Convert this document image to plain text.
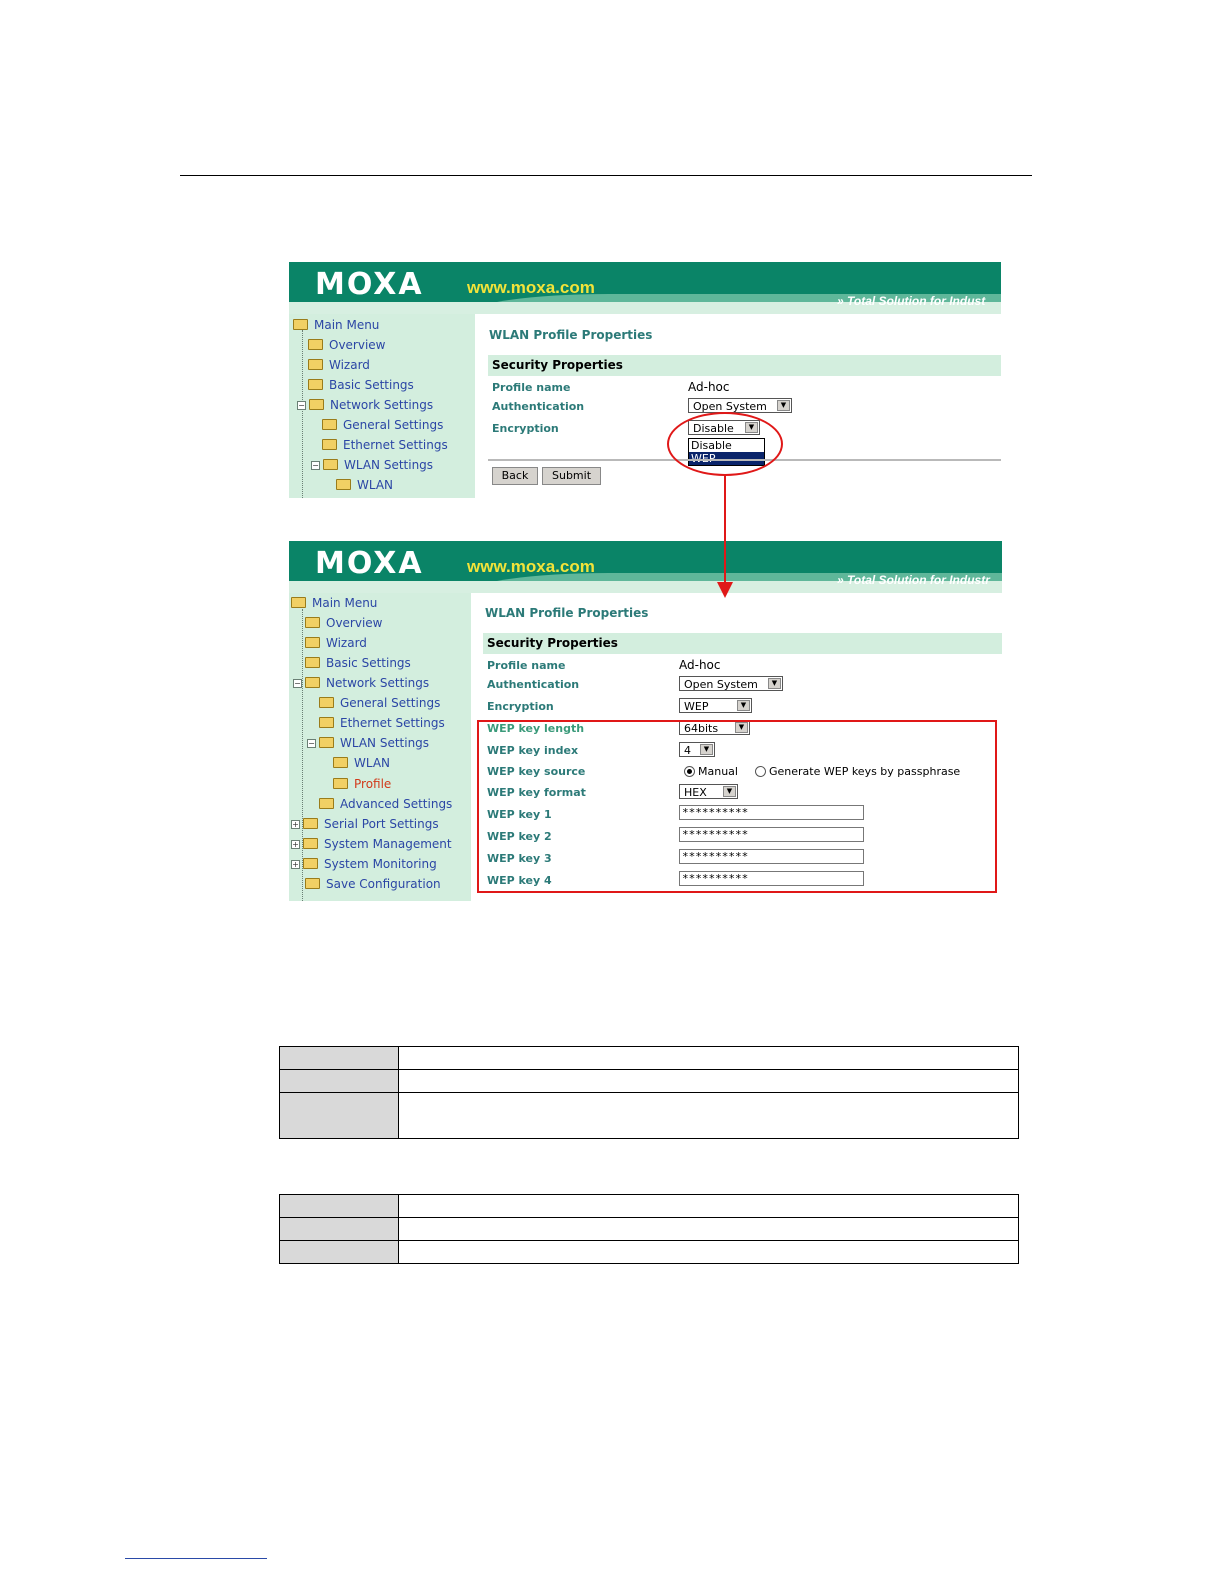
MOXA	www.moxa.com
» Total Solution for Indust
Main Menu
Overview
Wizard
Basic Settings
− Network Settings
General Settings
Ethernet Settings
− WLAN Settings
WLAN
WLAN Profile Properties
Security Properties
Profile name	Ad-hoc
Authentication	Open System	▼
Encryption	Disable	▼
Disable
Back	Submit
MOXA	www.moxa.com
» Total Solution for Industr
Main Menu
Overview
Wizard
Basic Settings
− Network Settings
General Settings
Ethernet Settings
− WLAN Settings
WLAN
Profile
Advanced Settings
+ Serial Port Settings
+ System Management
+ System Monitoring
Save Configuration
WLAN Profile Properties
Security Properties
Profile name	Ad-hoc
Authentication	Open System	▼
Encryption	WEP	▼
WEP key length	64bits	▼
WEP key index	4	▼
WEP key source	Manual	Generate WEP keys by passphrase
WEP key format	HEX	▼
WEP key 1	**********
WEP key 2	**********
WEP key 3	**********
WEP key 4	**********
